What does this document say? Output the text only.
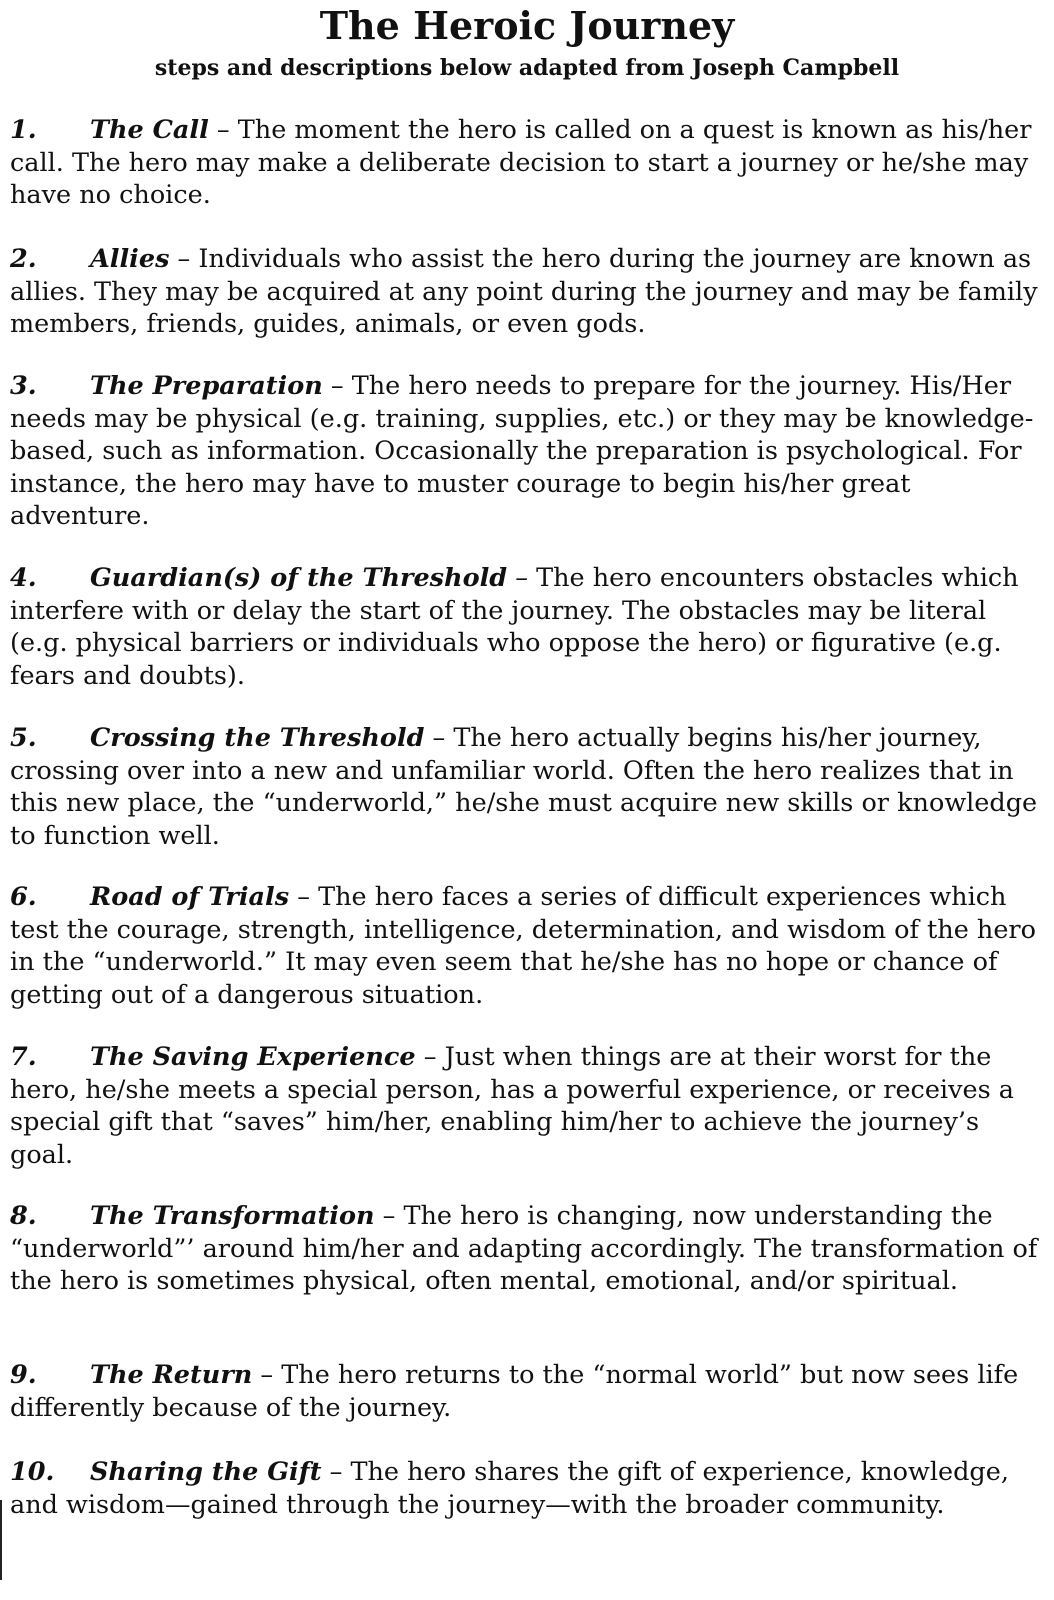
The Heroic Journey
steps and descriptions below adapted from Joseph Campbell

1. The Call – The moment the hero is called on a quest is known as his/her call. The hero may make a deliberate decision to start a journey or he/she may have no choice.

2. Allies – Individuals who assist the hero during the journey are known as allies. They may be acquired at any point during the journey and may be family members, friends, guides, animals, or even gods.

3. The Preparation – The hero needs to prepare for the journey. His/Her needs may be physical (e.g. training, supplies, etc.) or they may be knowledge-based, such as information. Occasionally the preparation is psychological. For instance, the hero may have to muster courage to begin his/her great adventure.

4. Guardian(s) of the Threshold – The hero encounters obstacles which interfere with or delay the start of the journey. The obstacles may be literal (e.g. physical barriers or individuals who oppose the hero) or figurative (e.g. fears and doubts).

5. Crossing the Threshold – The hero actually begins his/her journey, crossing over into a new and unfamiliar world. Often the hero realizes that in this new place, the “underworld,” he/she must acquire new skills or knowledge to function well.

6. Road of Trials – The hero faces a series of difficult experiences which test the courage, strength, intelligence, determination, and wisdom of the hero in the “underworld.” It may even seem that he/she has no hope or chance of getting out of a dangerous situation.

7. The Saving Experience – Just when things are at their worst for the hero, he/she meets a special person, has a powerful experience, or receives a special gift that “saves” him/her, enabling him/her to achieve the journey’s goal.

8. The Transformation – The hero is changing, now understanding the “underworld”’ around him/her and adapting accordingly. The transformation of the hero is sometimes physical, often mental, emotional, and/or spiritual.

9. The Return – The hero returns to the “normal world” but now sees life differently because of the journey.

10. Sharing the Gift – The hero shares the gift of experience, knowledge, and wisdom—gained through the journey—with the broader community.
